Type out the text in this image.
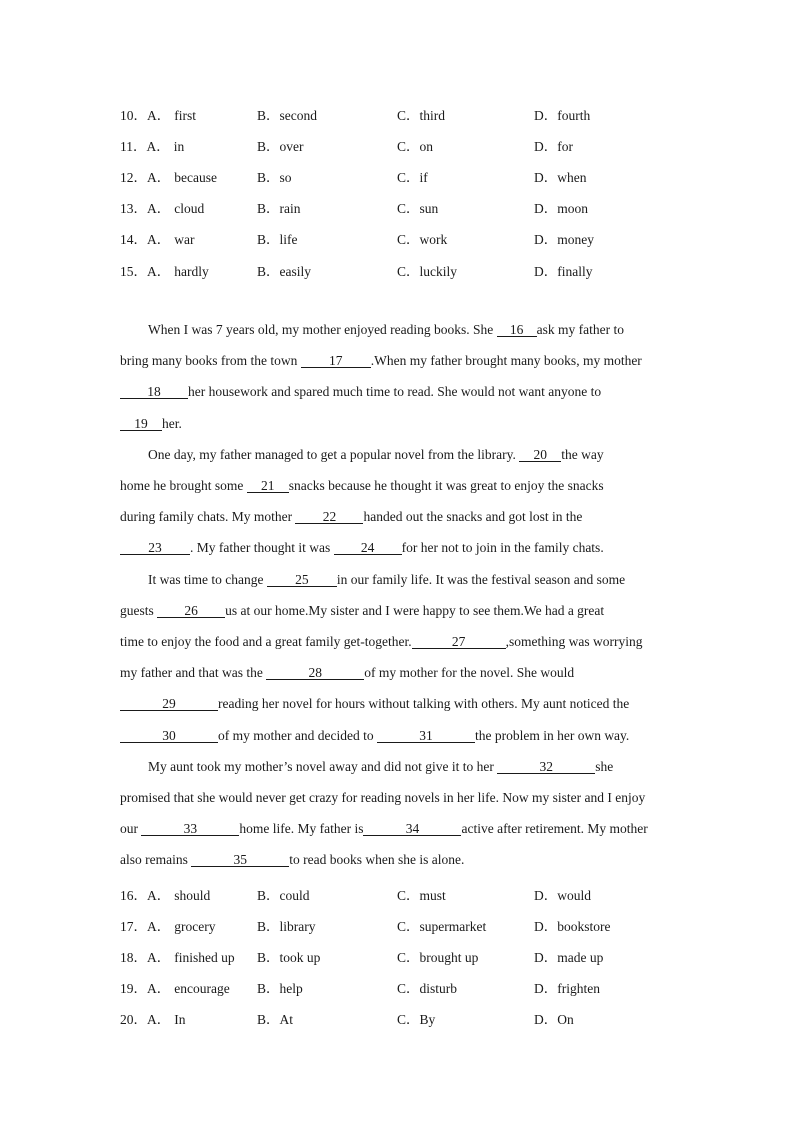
10．A． first	B．second	C．third	D．fourth
11．A． in	B．over	C．on	D．for
12．A． because	B．so	C．if	D．when
13．A． cloud	B．rain	C．sun	D．moon
14．A． war	B．life	C．work	D．money
15．A． hardly	B．easily	C．luckily	D．finally
When I was 7 years old, my mother enjoyed reading books. She 16 ask my father to
bring many books from the town 17 .When my father brought many books, my mother
18 her housework and spared much time to read. She would not want anyone to
19 her.
One day, my father managed to get a popular novel from the library. 20 the way
home he brought some 21 snacks because he thought it was great to enjoy the snacks
during family chats. My mother 22 handed out the snacks and got lost in the
23 . My father thought it was 24 for her not to join in the family chats.
It was time to change 25 in our family life. It was the festival season and some
guests 26 us at our home.My sister and I were happy to see them.We had a great
time to enjoy the food and a great family get-together.	27	,something was worrying
my father and that was the	28	of my mother for the novel. She would
29	reading her novel for hours without talking with others. My aunt noticed the
30	of my mother and decided to	31	the problem in her own way.
My aunt took my mother’s novel away and did not give it to her	32	she
promised that she would never get crazy for reading novels in her life. Now my sister and I enjoy
our	33	home life. My father is	34	active after retirement. My mother
also remains	35	to read books when she is alone.
16．A． should	B．could	C．must	D．would
17．A． grocery	B．library	C．supermarket	D．bookstore
18．A． finished up B．took up	C．brought up	D．made up
19．A． encourage B．help	C．disturb	D．frighten
20．A． In	B．At	C．By	D．On
